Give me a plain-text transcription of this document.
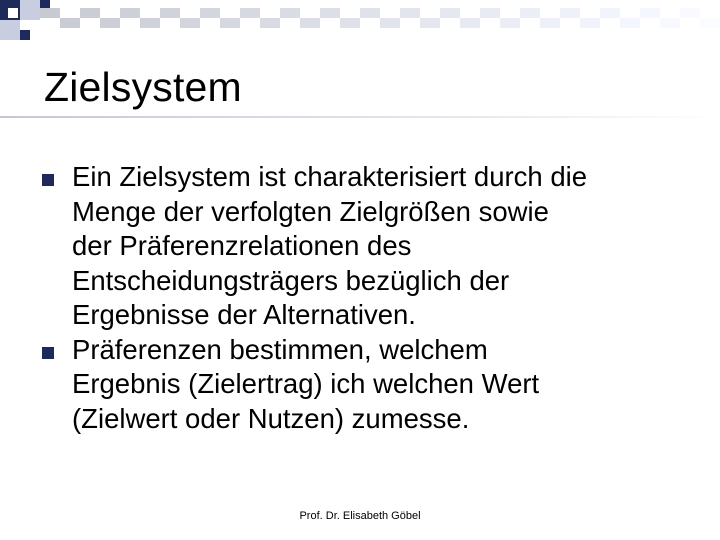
Zielsystem
Ein Zielsystem ist charakterisiert durch die
Menge der verfolgten Zielgrößen sowie
der Präferenzrelationen des
Entscheidungsträgers bezüglich der
Ergebnisse der Alternativen.
Präferenzen bestimmen, welchem
Ergebnis (Zielertrag) ich welchen Wert
(Zielwert oder Nutzen) zumesse.
Prof. Dr. Elisabeth Göbel
